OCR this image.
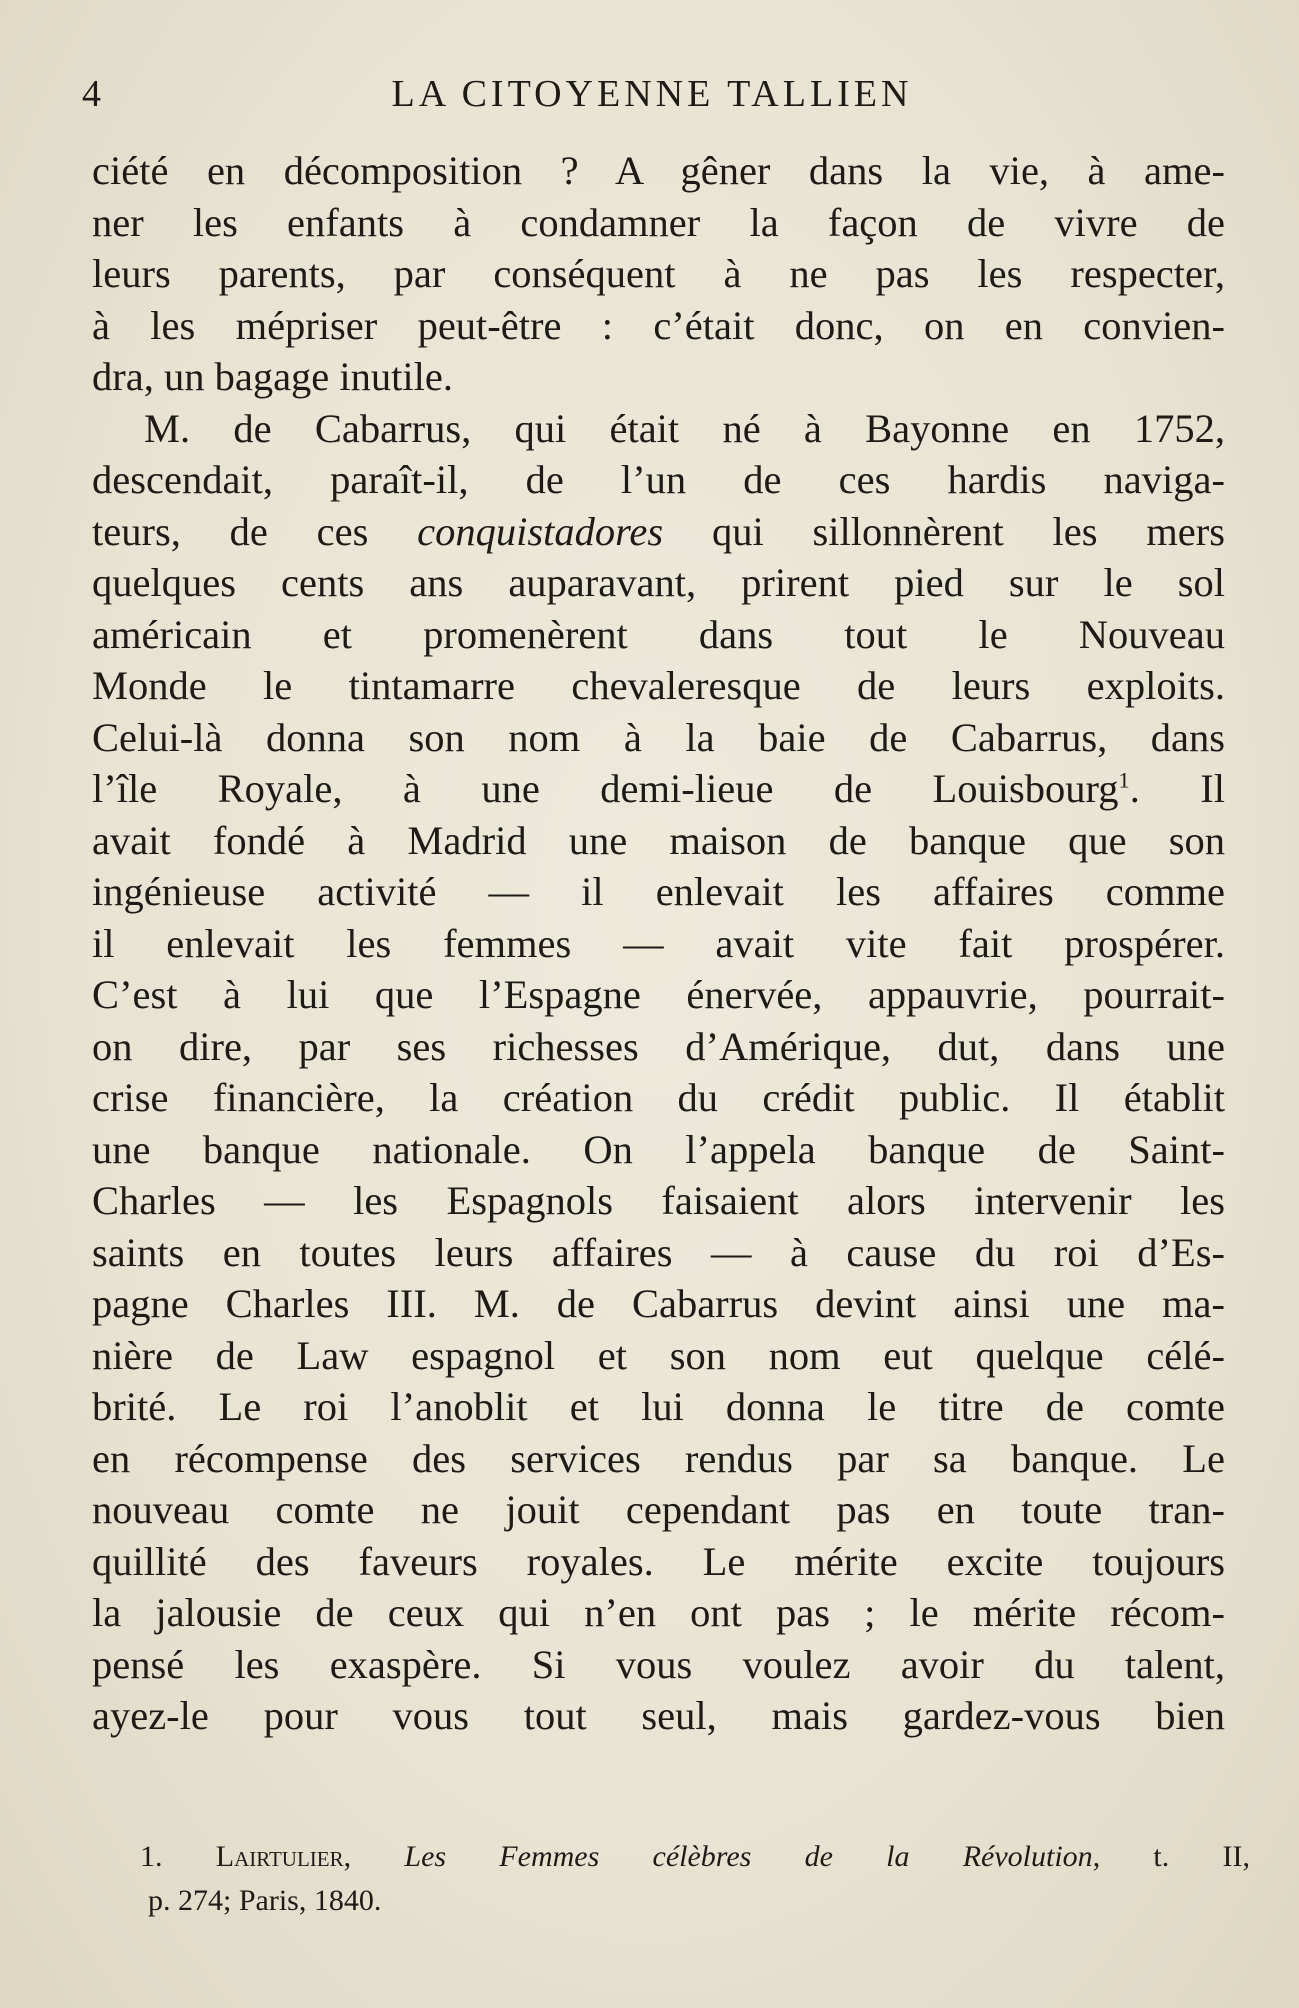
4	LA CITOYENNE TALLIEN
ciété en décomposition ? A gêner dans la vie, à ame-
ner les enfants à condamner la façon de vivre de
leurs parents, par conséquent à ne pas les respecter,
à les mépriser peut-être : c’était donc, on en convien-
dra, un bagage inutile.
M. de Cabarrus, qui était né à Bayonne en 1752,
descendait, paraît-il, de l’un de ces hardis naviga-
teurs, de ces conquistadores qui sillonnèrent les mers
quelques cents ans auparavant, prirent pied sur le sol
américain et promenèrent dans tout le Nouveau
Monde le tintamarre chevaleresque de leurs exploits.
Celui-là donna son nom à la baie de Cabarrus, dans
l’île Royale, à une demi-lieue de Louisbourg$^1$. Il
avait fondé à Madrid une maison de banque que son
ingénieuse activité — il enlevait les affaires comme
il enlevait les femmes — avait vite fait prospérer.
C’est à lui que l’Espagne énervée, appauvrie, pourrait-
on dire, par ses richesses d’Amérique, dut, dans une
crise financière, la création du crédit public. Il établit
une banque nationale. On l’appela banque de Saint-
Charles — les Espagnols faisaient alors intervenir les
saints en toutes leurs affaires — à cause du roi d’Es-
pagne Charles III. M. de Cabarrus devint ainsi une ma-
nière de Law espagnol et son nom eut quelque célé-
brité. Le roi l’anoblit et lui donna le titre de comte
en récompense des services rendus par sa banque. Le
nouveau comte ne jouit cependant pas en toute tran-
quillité des faveurs royales. Le mérite excite toujours
la jalousie de ceux qui n’en ont pas ; le mérite récom-
pensé les exaspère. Si vous voulez avoir du talent,
ayez-le pour vous tout seul, mais gardez-vous bien
1. Lairtulier, Les Femmes célèbres de la Révolution, t. II,
p. 274; Paris, 1840.
